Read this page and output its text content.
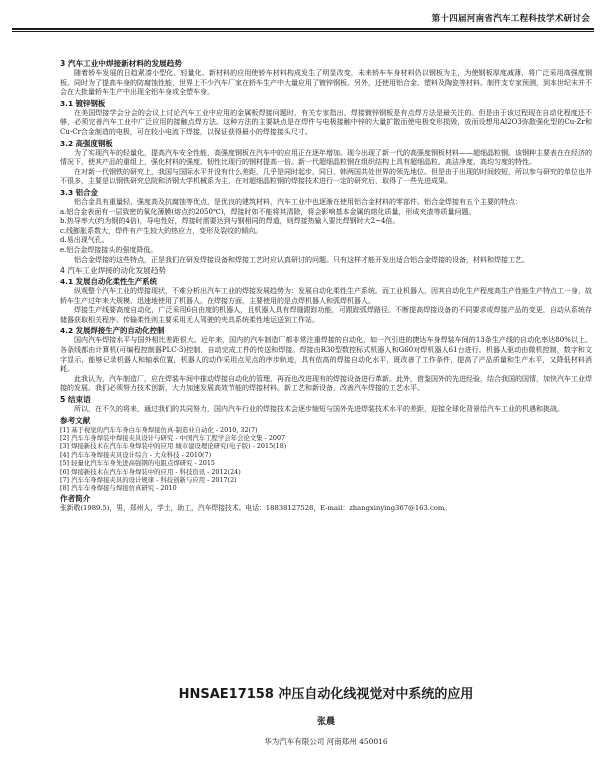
第十四届河南省汽车工程科技学术研讨会
3 汽车工业中焊接新材料的发展趋势

随着轿车发展的日趋紧凑小型化、轻量化、新材料的应用使轿车材料构成发生了明显改变，未来轿车车身材料仍以钢板为主，为使钢板厚度减薄，将广泛采用高强度钢板。同时为了提高车身的防腐蚀性能，世界上不少汽车厂家在轿车生产中大量应用了镀锌钢板。另外，还使用铝合金、塑料及陶瓷等材料。制件支专家预测，到本世纪末并不会在大批量轿车生产中出现全铝车身或全塑车身。

3.1 镀锌钢板

在美国焊接学会分会的会议上讨论汽车工业中应用的金属板焊接问题时，有关专家指出，焊接镀锌钢板是有点焊方法是最关注的。但是由于该过程现在自动化程度还不够，必须完善汽车工业中广泛应用的接触点焊方法。这种方法的主要缺点是在焊件与电极接触中锌的大量扩散而使电极变形损毁，放而设想用Al2O3弥散强化型的Cu-Zr和Cu-Cr合金制造的电极，可在较小电流下焊接，以保证获得最小的焊接接头尺寸。

3.2 高强度钢板

为了实现汽车的轻量化，提高汽车安全性能，高强度钢板在汽车中的应用正在逐年增加。现今出现了新一代的高强度钢板材料——超细晶粒钢。该钢种主要表在在经济的情况下，使其产品的重组上，强化材料的强度、韧性比现行的钢材提高一倍。新一代超细晶粒钢在组织结构上具有超细晶粒、高洁净度、高均匀度的特性。

在对新一代钢铁的研究上，我国与国际水平并没有什么差距，几乎是同时起步，同日、韩两国共处世界的领先地位。但是由于出现的时间较短，所以参与研究的单位也并不很多，主要是以钢铁研究总院和济钢大学机械系为主，在对超细晶粒钢的焊接技术进行一定的研究后，取得了一些先进成果。

3.3 铝合金

铝合金具有重量轻、强度高及抗腐蚀等优点，是优良的建筑材料，汽车工业中也逐渐在使用铝合金材料的零部件。铝合金焊接有五个主要的特点：

a.铝合金表面有一层致密的氧化薄膜(熔点约2050℃)，焊接时如不能将其清除，将会影响基本金属的熔化质量，形成夹渣等质量问题。

b.热导率大(约为钢的4倍)，导电性好，焊接时需要达到与钢相同的焊道，则焊接热输入要比焊钢时大2~4倍。

c.线膨胀系数大，焊件有产生较大的热应力，变形及裂纹的倾向。

d.易出现气孔。

e.铝合金焊接接头的强度降低。

铝合金焊接的这些特点，正是我们在研发焊接设备和焊接工艺时应认真研讨的问题。只有这样才能开发出适合铝合金焊接的设备，材料和焊接工艺。

4 汽车工业焊接的动化发展趋势
4.1 发展自动化柔性生产系统

纵观整个汽车工业的焊接现状，不难分析出汽车工业的焊接发展趋势为：发展自动化柔性生产系统。而工业机器人，因其自动化生产程度高生产性能生产特点工一身，故轿车生产过年来大规模、迅速地使用了机器人。在焊接方面，主要使用的是点焊机器人和弧焊机器人。

焊接生产线要高度自动化，广泛采用6自由度的机器人，且机器人具有焊缝跟踪功能，可跟踪弧焊路径。不断提高焊接设备的不同要求或焊接产品的变更，自动从系统存储器获取相关程序。传输柔性则主要采用无人驾驶的夹具系统柔性地运送到工作站。

4.2 发展焊接生产的自动化控制

国内汽车焊接水平与国外相比差距很大。近年来，国内的汽车制造厂都非常注重焊接的自动化，如一汽引进的捷达车身焊装车间的13条生产线的自动化率达80%以上。各条线都由计算机(可编程控制器PLC-3)控制，自动完成工件的传送和焊接。焊接由R30型数控标式机器人和G60对焊机器人61台进行。机器人驱动由微机控制，数字和文字显示，能够记录机器人和轴承位置，机器人的动作采用点见点的序步轨迹，具有依高的焊接自动化水平，既改善了工作条件，提高了产品质量和生产水平，又降低材料消耗。

此我认为，汽车制造厂，应在焊装车间中推动焊接自动化的管理，再而也改进现有的焊接设备进行革新。此外，借鉴国外的先进经验，结合我国的国情，加快汽车工业焊接的发展。我们必须努力技术创新，大力加速发展高效节能的焊接材料。新工艺和新设备，改善汽车焊接的工艺水平。

5 结束语

所以，在不久的将来，通过我们的共同努力，国内汽车行业的焊接技术会逐步缩短与国外先进焊装技术水平的差距，迎接全球化背景给汽车工业的机遇和挑战。

参考文献
[1] 基于视觉的汽车车身白车身焊接仿真-制造业自动化 - 2010, 32(7)
[2] 汽车车身焊装中焊接夹具设计与研究 - 中国汽车工程学会年会论文集 - 2007
[3] 焊接新技术在汽车车身焊装中的应用 城市建设理论研究(电子版) - 2015(18)
[4] 汽车车身焊接夹具设计综合 - 大众科技 - 2010(7)
[5] 轻量化汽车车身先进高强钢的电阻点焊研究 - 2015
[6] 焊接新技术在汽车车身焊装中的应用 - 科技资讯 - 2012(24)
[7] 汽车车身焊接夹具的设计规律 - 科技创新与应用 - 2017(2)
[8] 汽车车身焊接与焊接仿真研究 - 2010
作者简介
张新敬(1989.5)，男，郑州人，学士，助工，汽车焊接技术。电话：18838127528，E-mail：zhangxinying367@163.com。
HNSAE17158 冲压自动化线视觉对中系统的应用
张晨
华为汽车有限公司 河南郑州 450016
